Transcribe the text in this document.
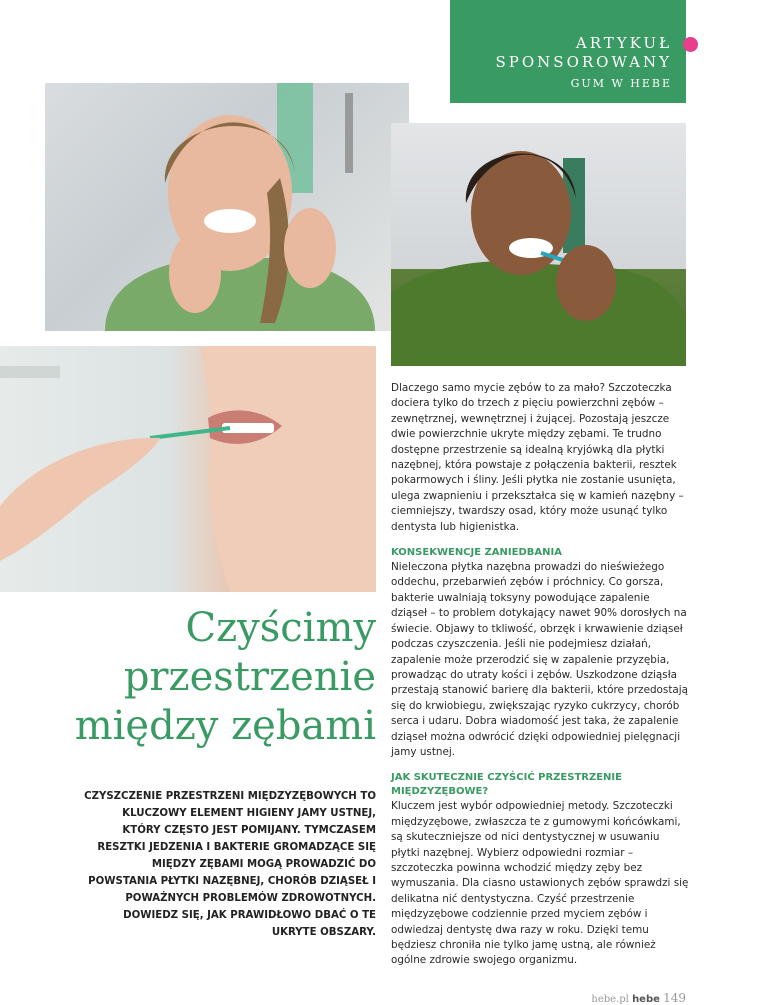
ARTYKUŁ
SPONSOROWANY
GUM W HEBE
Czyścimy
przestrzenie
między zębami
CZYSZCZENIE PRZESTRZENI MIĘDZYZĘBOWYCH TO KLUCZOWY ELEMENT HIGIENY JAMY USTNEJ, KTÓRY CZĘSTO JEST POMIJANY. TYMCZASEM RESZTKI JEDZENIA I BAKTERIE GROMADZĄCE SIĘ MIĘDZY ZĘBAMI MOGĄ PROWADZIĆ DO POWSTANIA PŁYTKI NAZĘBNEJ, CHORÓB DZIĄSEŁ I POWAŻNYCH PROBLEMÓW ZDROWOTNYCH. DOWIEDZ SIĘ, JAK PRAWIDŁOWO DBAĆ O TE UKRYTE OBSZARY.

Dlaczego samo mycie zębów to za mało? Szczoteczka dociera tylko do trzech z pięciu powierzchni zębów – zewnętrznej, wewnętrznej i żującej. Pozostają jeszcze dwie powierzchnie ukryte między zębami. Te trudno dostępne przestrzenie są idealną kryjówką dla płytki nazębnej, która powstaje z połączenia bakterii, resztek pokarmowych i śliny. Jeśli płytka nie zostanie usunięta, ulega zwapnieniu i przekształca się w kamień nazębny – ciemniejszy, twardszy osad, który może usunąć tylko dentysta lub higienistka.

KONSEKWENCJE ZANIEDBANIA

Nieleczona płytka nazębna prowadzi do nieświeżego oddechu, przebarwień zębów i próchnicy. Co gorsza, bakterie uwalniają toksyny powodujące zapalenie dziąseł – to problem dotykający nawet 90% dorosłych na świecie. Objawy to tkliwość, obrzęk i krwawienie dziąseł podczas czyszczenia. Jeśli nie podejmiesz działań, zapalenie może przerodzić się w zapalenie przyzębia, prowadząc do utraty kości i zębów. Uszkodzone dziąsła przestają stanowić barierę dla bakterii, które przedostają się do krwiobiegu, zwiększając ryzyko cukrzycy, chorób serca i udaru. Dobra wiadomość jest taka, że zapalenie dziąseł można odwrócić dzięki odpowiedniej pielęgnacji jamy ustnej.

JAK SKUTECZNIE CZYŚCIĆ PRZESTRZENIE MIĘDZYZĘBOWE?

Kluczem jest wybór odpowiedniej metody. Szczoteczki międzyzębowe, zwłaszcza te z gumowymi końcówkami, są skuteczniejsze od nici dentystycznej w usuwaniu płytki nazębnej. Wybierz odpowiedni rozmiar – szczoteczka powinna wchodzić między zęby bez wymuszania. Dla ciasno ustawionych zębów sprawdzi się delikatna nić dentystyczna. Czyść przestrzenie międzyzębowe codziennie przed myciem zębów i odwiedzaj dentystę dwa razy w roku. Dzięki temu będziesz chroniła nie tylko jamę ustną, ale również ogólne zdrowie swojego organizmu.

hebe.pl hebe 149
